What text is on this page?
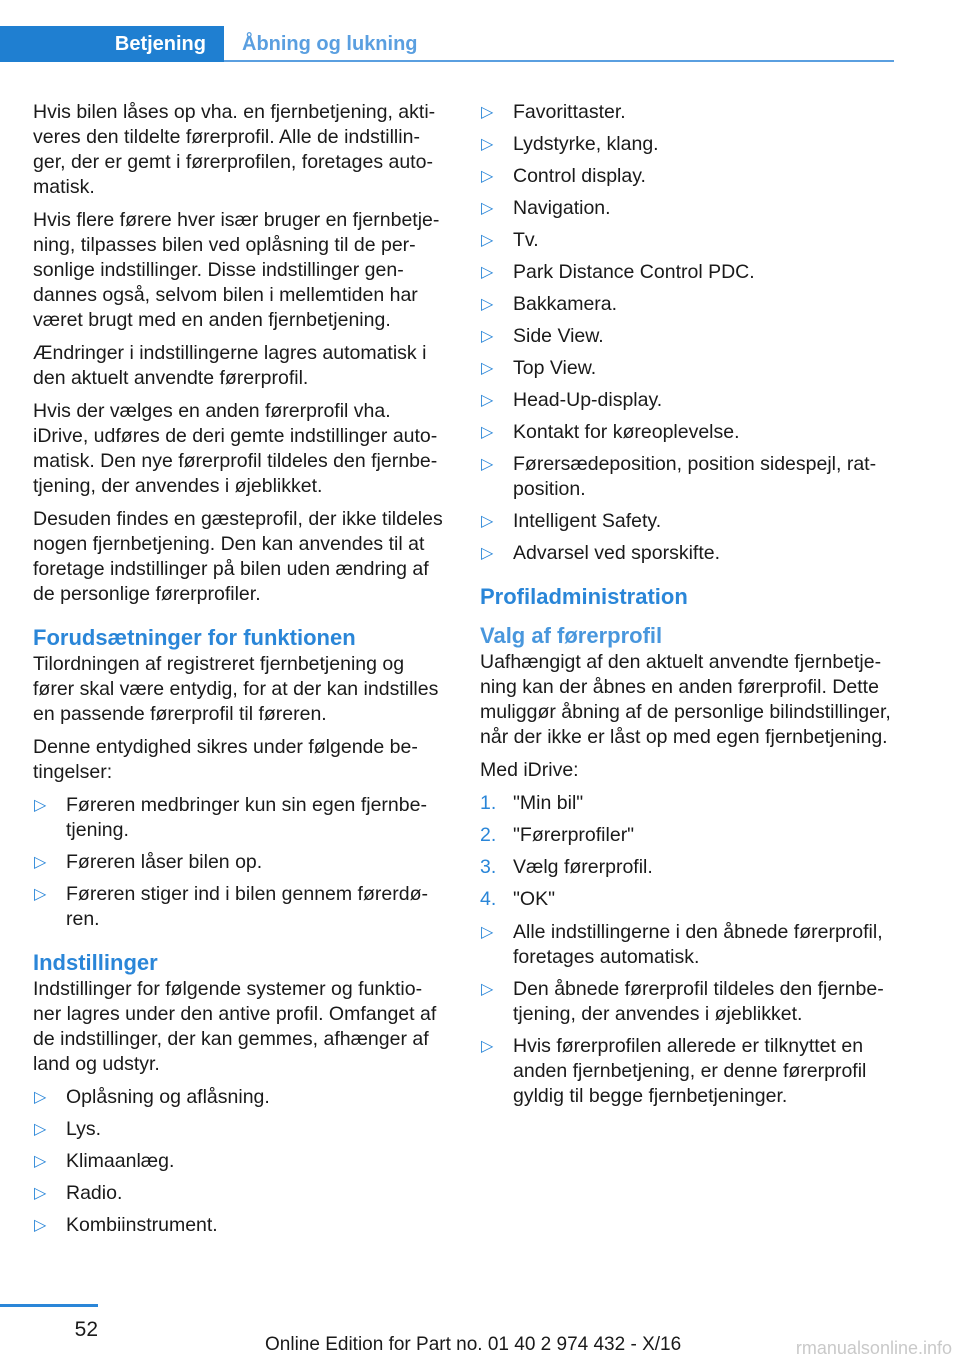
Betjening	Åbning og lukning

Hvis bilen låses op vha. en fjernbetjening, aktiveres den tildelte førerprofil. Alle de indstillinger, der er gemt i førerprofilen, foretages automatisk.

Hvis flere førere hver især bruger en fjernbetjening, tilpasses bilen ved oplåsning til de personlige indstillinger. Disse indstillinger gendannes også, selvom bilen i mellemtiden har været brugt med en anden fjernbetjening.

Ændringer i indstillingerne lagres automatisk i den aktuelt anvendte førerprofil.

Hvis der vælges en anden førerprofil vha. iDrive, udføres de deri gemte indstillinger automatisk. Den nye førerprofil tildeles den fjernbetjening, der anvendes i øjeblikket.

Desuden findes en gæsteprofil, der ikke tildeles nogen fjernbetjening. Den kan anvendes til at foretage indstillinger på bilen uden ændring af de personlige førerprofiler.

Forudsætninger for funktionen

Tilordningen af registreret fjernbetjening og fører skal være entydig, for at der kan indstilles en passende førerprofil til føreren.

Denne entydighed sikres under følgende betingelser:

▷ Føreren medbringer kun sin egen fjernbetjening.
▷ Føreren låser bilen op.
▷ Føreren stiger ind i bilen gennem førerdøren.
Indstillinger

Indstillinger for følgende systemer og funktioner lagres under den antive profil. Omfanget af de indstillinger, der kan gemmes, afhænger af land og udstyr.

▷ Oplåsning og aflåsning.
▷ Lys.
▷ Klimaanlæg.
▷ Radio.
▷ Kombiinstrument.
▷ Favorittaster.
▷ Lydstyrke, klang.
▷ Control display.
▷ Navigation.
▷ Tv.
▷ Park Distance Control PDC.
▷ Bakkamera.
▷ Side View.
▷ Top View.
▷ Head-Up-display.
▷ Kontakt for køreoplevelse.
▷ Førersædeposition, position sidespejl, ratposition.
▷ Intelligent Safety.
▷ Advarsel ved sporskifte.
Profiladministration
Valg af førerprofil

Uafhængigt af den aktuelt anvendte fjernbetjening kan der åbnes en anden førerprofil. Dette muliggør åbning af de personlige bilindstillinger, når der ikke er låst op med egen fjernbetjening.

Med iDrive:

1. "Min bil"
2. "Førerprofiler"
3. Vælg førerprofil.
4. "OK"
▷ Alle indstillingerne i den åbnede førerprofil, foretages automatisk.
▷ Den åbnede førerprofil tildeles den fjernbetjening, der anvendes i øjeblikket.
▷ Hvis førerprofilen allerede er tilknyttet en anden fjernbetjening, er denne førerprofil gyldig til begge fjernbetjeninger.
52
Online Edition for Part no. 01 40 2 974 432 - X/16	rmanualsonline.info
